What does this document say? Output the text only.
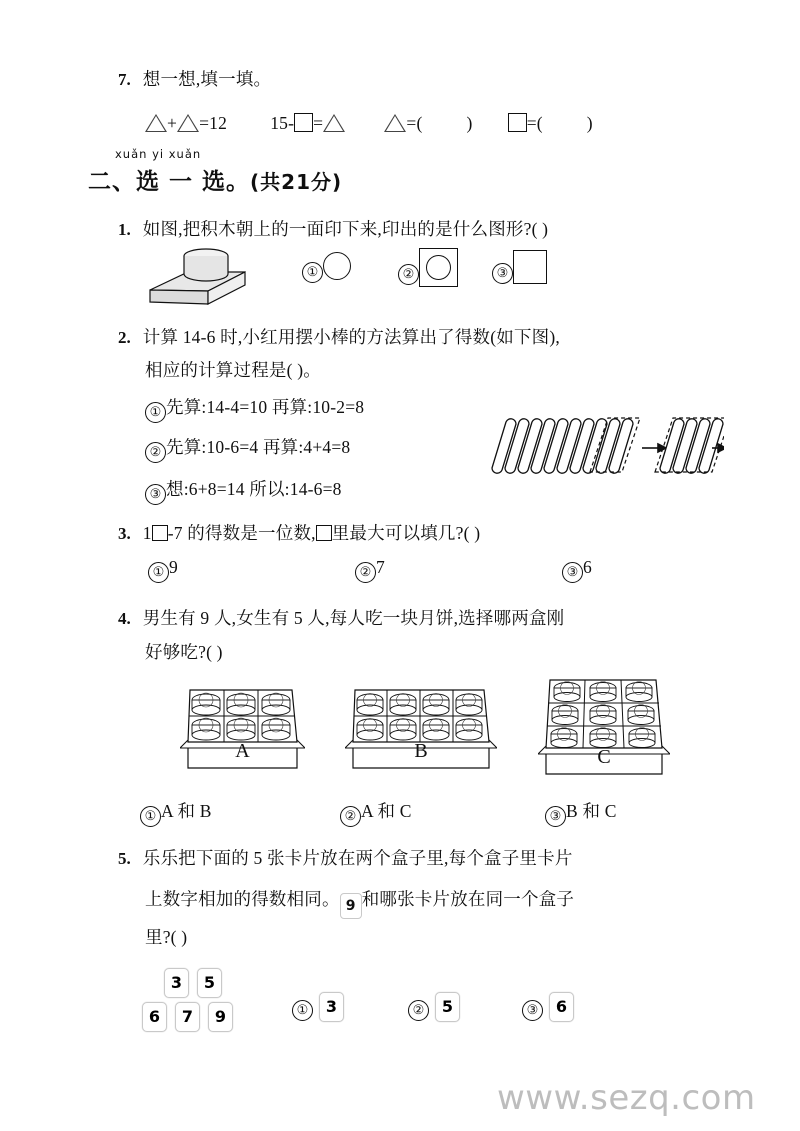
7. 想一想,填一填。
+ =12 15- =	=(	)	=(	)
xuǎn yi xuǎn
二、选 一 选。(共21分)
1. 如图,把积木朝上的一面印下来,印出的是什么图形?( )
①	②	③
2. 计算 14-6 时,小红用摆小棒的方法算出了得数(如下图),
相应的计算过程是( )。
① 先算:14-4=10 再算:10-2=8
② 先算:10-6=4 再算:4+4=8
③ 想:6+8=14 所以:14-6=8
3. 1 -7 的得数是一位数, 里最大可以填几?( )
① 9	② 7	③ 6
4. 男生有 9 人,女生有 5 人,每人吃一块月饼,选择哪两盒刚
好够吃?( )
A	B	C
① A 和 B	② A 和 C	③ B 和 C
5. 乐乐把下面的 5 张卡片放在两个盒子里,每个盒子里卡片
上数字相加的得数相同。 9 和哪张卡片放在同一个盒子
里?( )
3 5
6 7 9	① 3	② 5	③ 6
www.sezq.com
